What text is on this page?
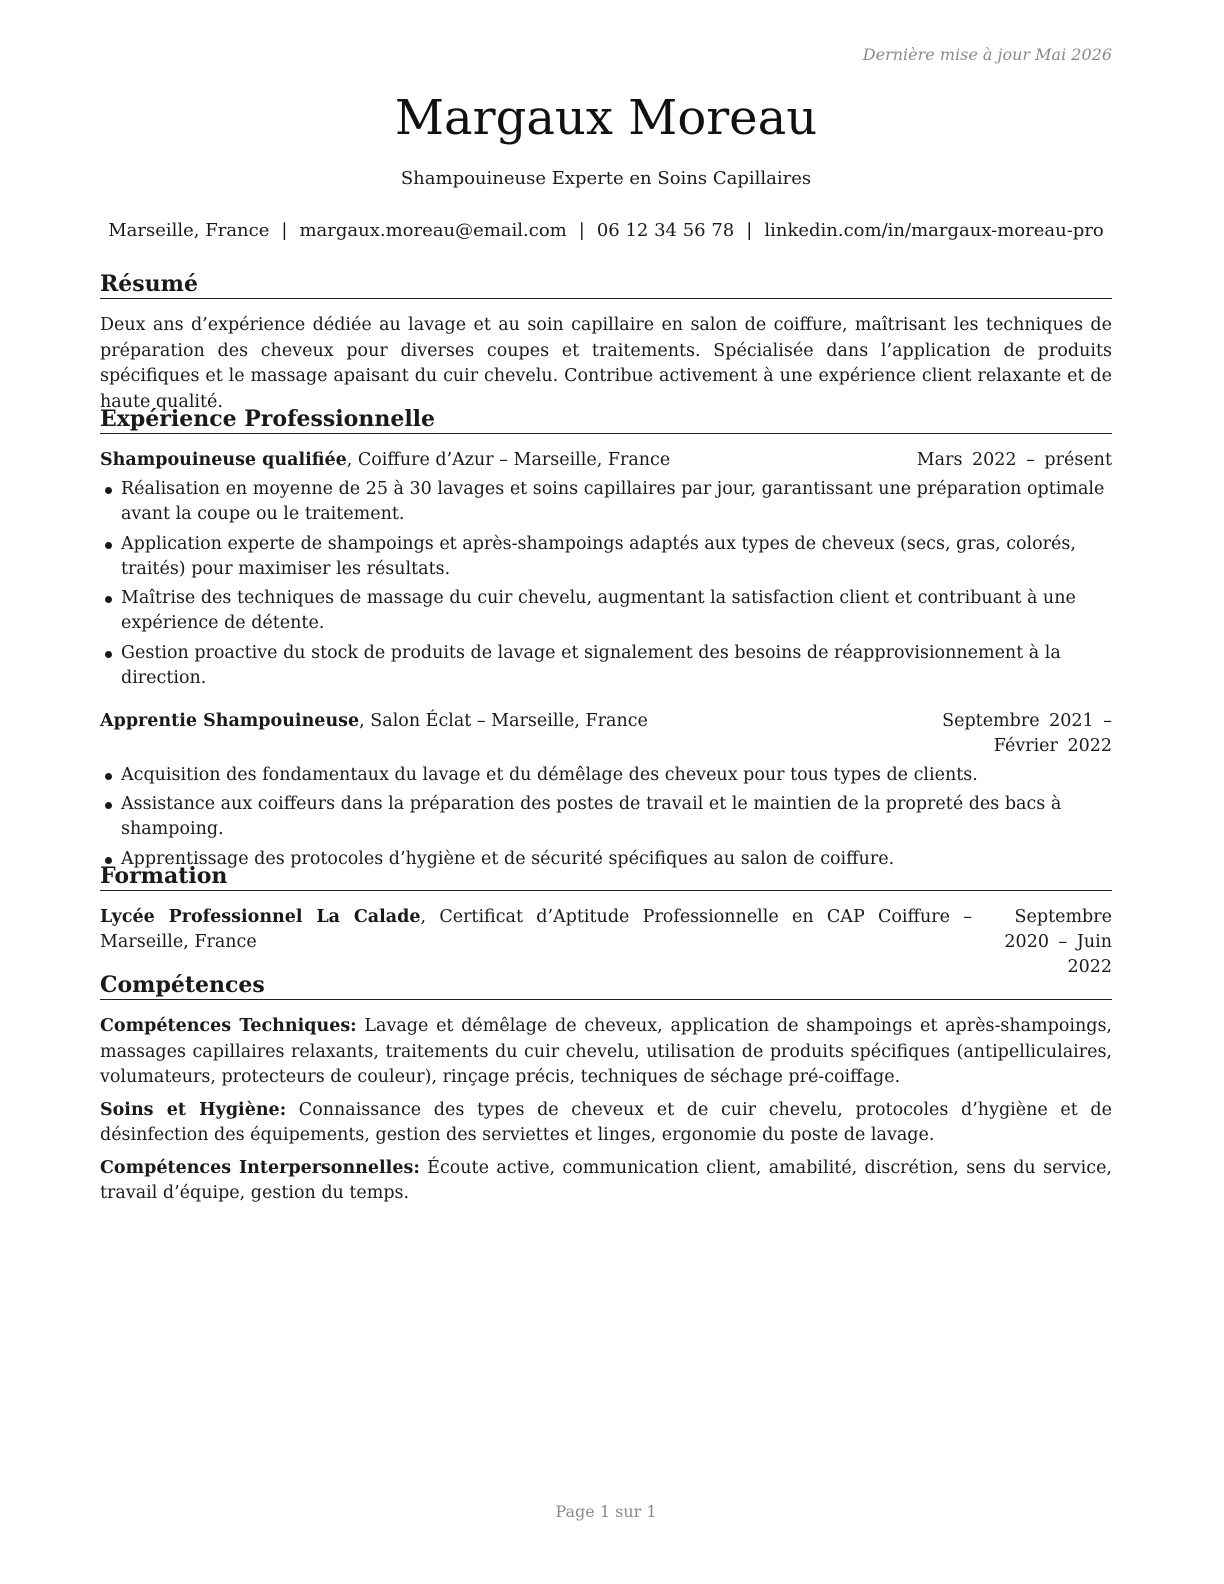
Dernière mise à jour Mai 2026
Margaux Moreau
Shampouineuse Experte en Soins Capillaires
Marseille, France | margaux.moreau@email.com | 06 12 34 56 78 | linkedin.com/in/margaux-moreau-pro
Résumé

Deux ans d’expérience dédiée au lavage et au soin capillaire en salon de coiffure, maîtrisant les techniques de préparation des cheveux pour diverses coupes et traitements. Spécialisée dans l’application de produits spécifiques et le massage apaisant du cuir chevelu. Contribue activement à une expérience client relaxante et de haute qualité.

Expérience Professionnelle
Shampouineuse qualifiée, Coiffure d’Azur – Marseille, France	Mars 2022 – présent
Réalisation en moyenne de 25 à 30 lavages et soins capillaires par jour, garantissant une préparation optimale avant la coupe ou le traitement.
Application experte de shampoings et après-shampoings adaptés aux types de cheveux (secs, gras, colorés, traités) pour maximiser les résultats.
Maîtrise des techniques de massage du cuir chevelu, augmentant la satisfaction client et contribuant à une expérience de détente.
Gestion proactive du stock de produits de lavage et signalement des besoins de réapprovisionnement à la direction.
Apprentie Shampouineuse, Salon Éclat – Marseille, France	Septembre 2021 – Février 2022
Acquisition des fondamentaux du lavage et du démêlage des cheveux pour tous types de clients.
Assistance aux coiffeurs dans la préparation des postes de travail et le maintien de la propreté des bacs à shampoing.
Apprentissage des protocoles d’hygiène et de sécurité spécifiques au salon de coiffure.
Formation
Lycée Professionnel La Calade, Certificat d’Aptitude Professionnelle en CAP Coiffure – Marseille, France
Septembre 2020 – Juin 2022
Compétences

Compétences Techniques: Lavage et démêlage de cheveux, application de shampoings et après-shampoings, massages capillaires relaxants, traitements du cuir chevelu, utilisation de produits spécifiques (antipelliculaires, volumateurs, protecteurs de couleur), rinçage précis, techniques de séchage pré-coiffage.

Soins et Hygiène: Connaissance des types de cheveux et de cuir chevelu, protocoles d’hygiène et de désinfection des équipements, gestion des serviettes et linges, ergonomie du poste de lavage.

Compétences Interpersonnelles: Écoute active, communication client, amabilité, discrétion, sens du service, travail d’équipe, gestion du temps.

Page 1 sur 1
